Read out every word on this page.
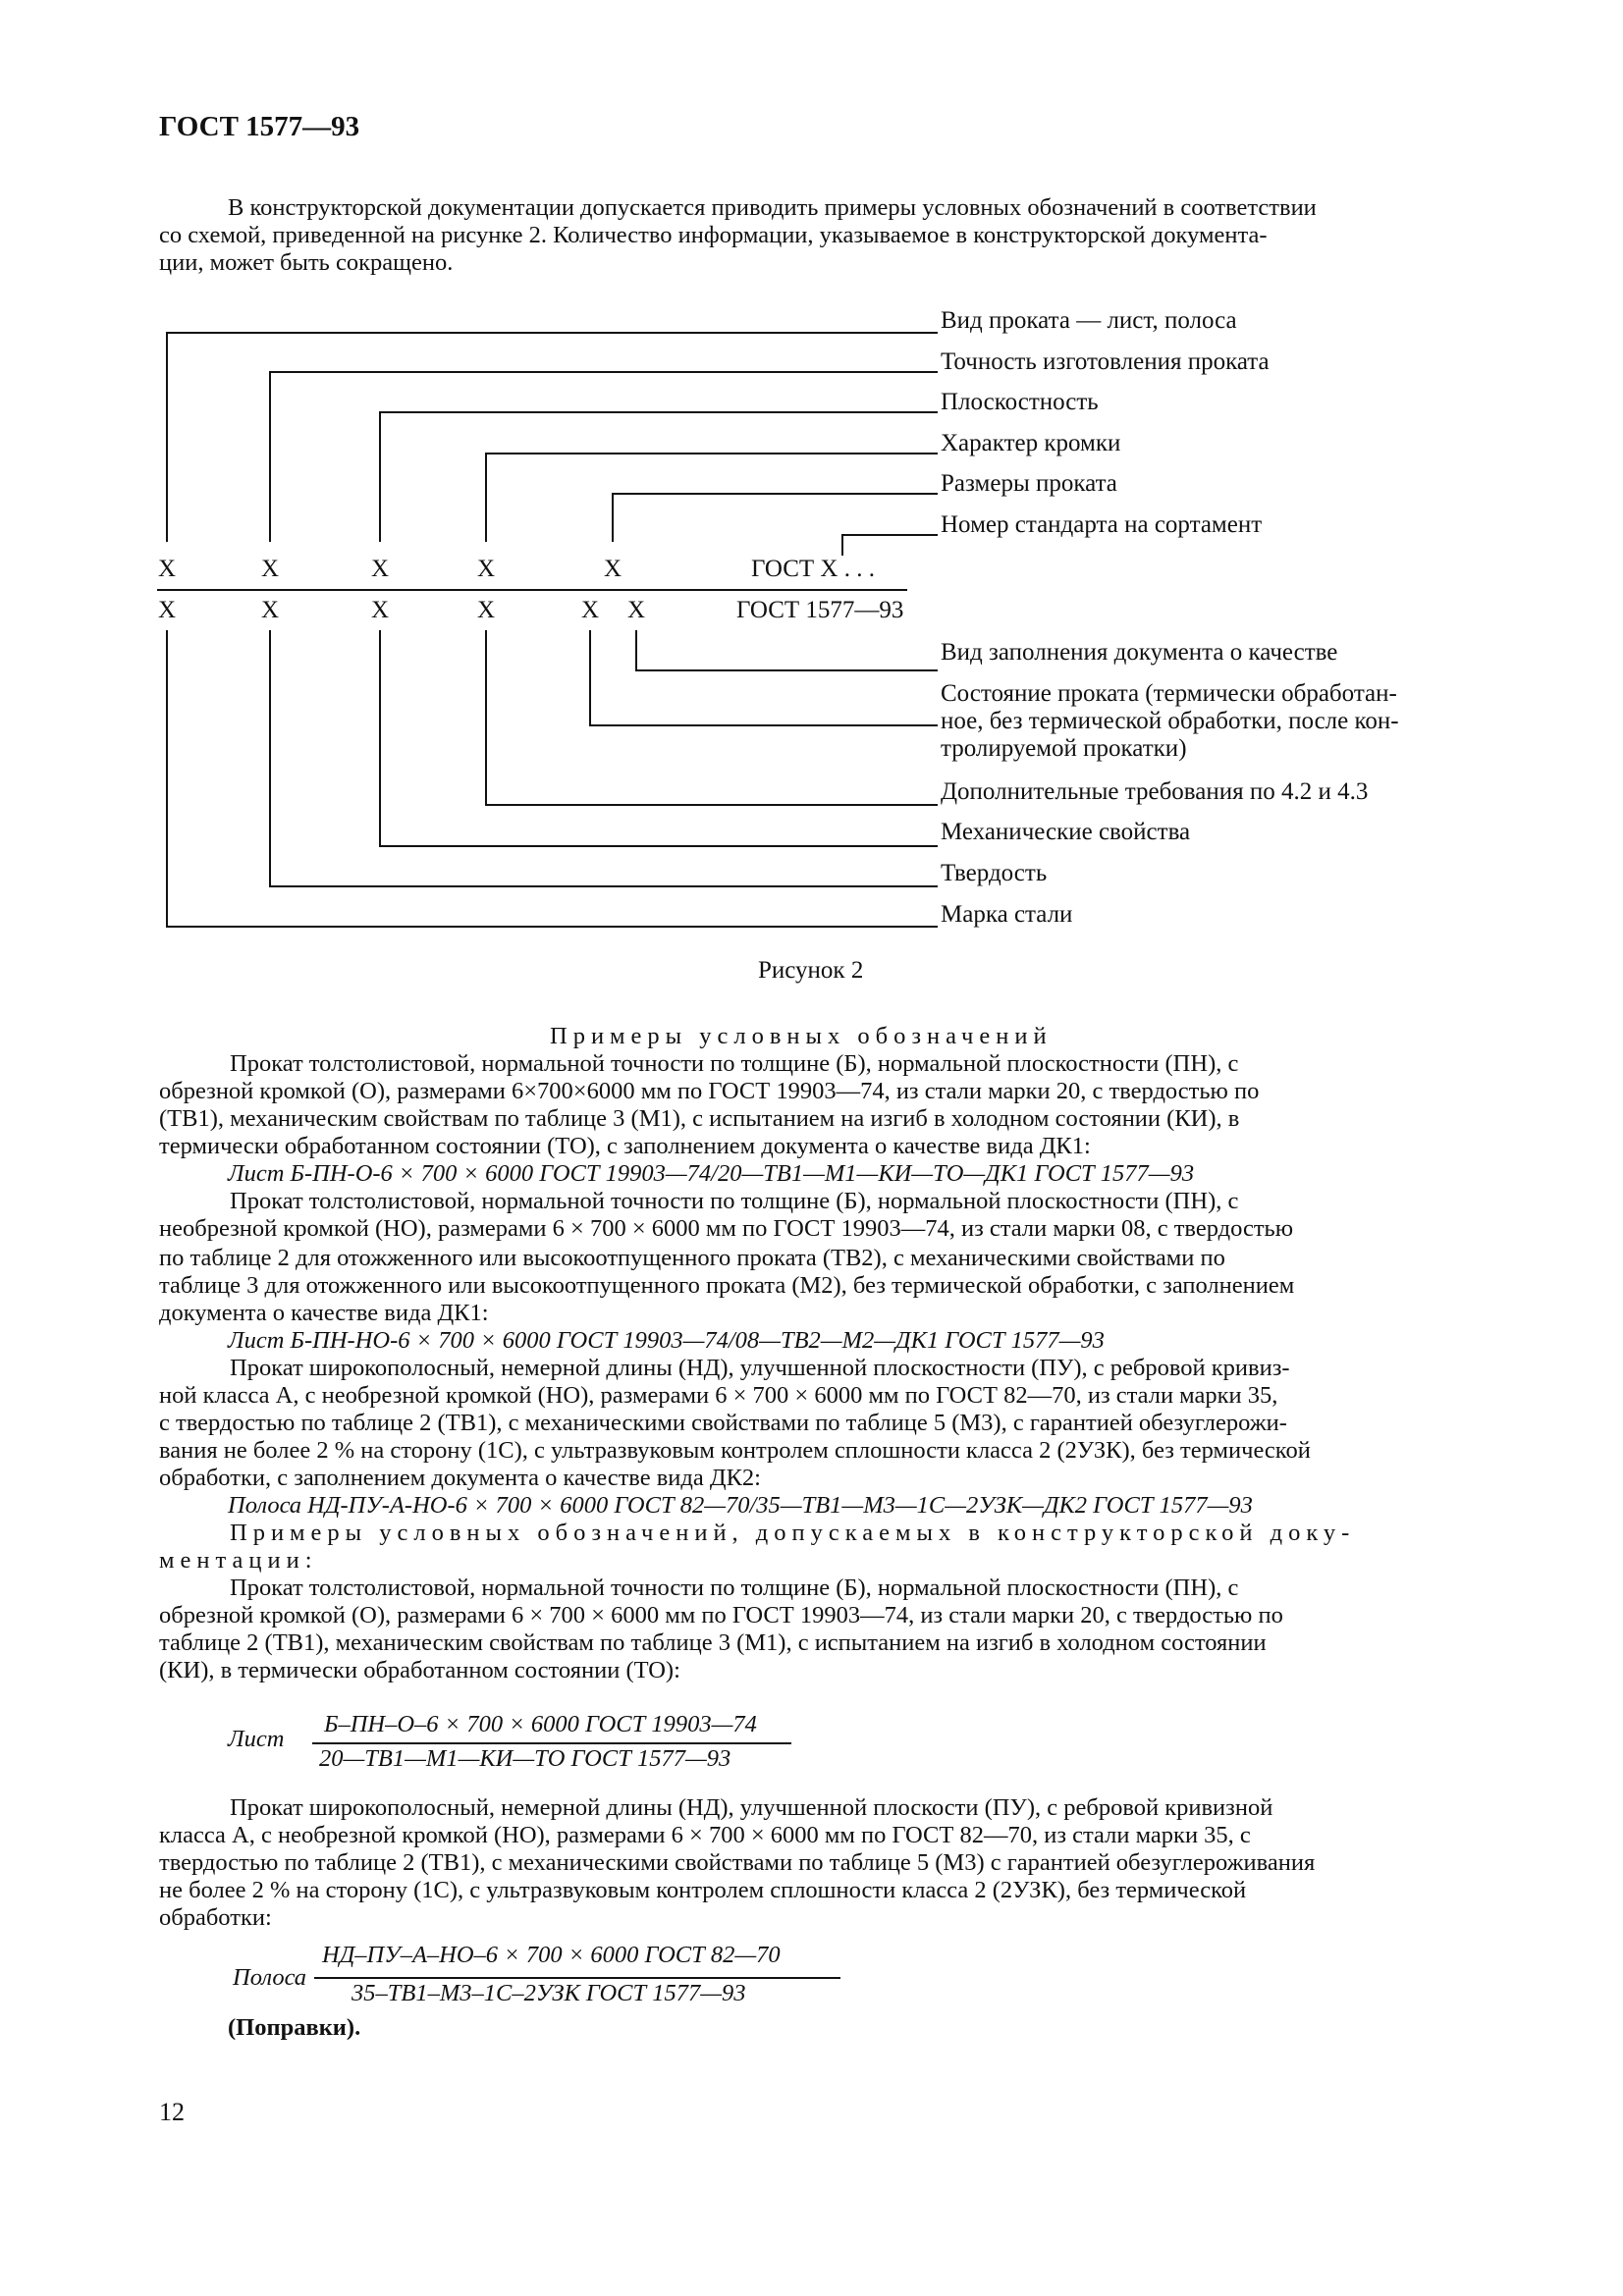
ГОСТ 1577—93
В конструкторской документации допускается приводить примеры условных обозначений в соответствии
со схемой, приведенной на рисунке 2. Количество информации, указываемое в конструкторской документа-
ции, может быть сокращено.
Вид проката — лист, полоса
Точность изготовления проката
Плоскостность
Характер кромки
Размеры проката
Номер стандарта на сортамент
X	X	X	X	X	ГОСТ X . . .
X	X	X	X	X X	ГОСТ 1577—93
Вид заполнения документа о качестве
Состояние проката (термически обработан-
ное, без термической обработки, после кон-
тролируемой прокатки)
Дополнительные требования по 4.2 и 4.3
Механические свойства
Твердость
Марка стали
Рисунок 2
Примеры условных обозначений
Прокат толстолистовой, нормальной точности по толщине (Б), нормальной плоскостности (ПН), с
обрезной кромкой (О), размерами 6×700×6000 мм по ГОСТ 19903—74, из стали марки 20, с твердостью по
(ТВ1), механическим свойствам по таблице 3 (М1), с испытанием на изгиб в холодном состоянии (КИ), в
термически обработанном состоянии (ТО), с заполнением документа о качестве вида ДК1:
Лист Б-ПН-О-6 × 700 × 6000 ГОСТ 19903—74/20—ТВ1—М1—КИ—ТО—ДК1 ГОСТ 1577—93
Прокат толстолистовой, нормальной точности по толщине (Б), нормальной плоскостности (ПН), с
необрезной кромкой (НО), размерами 6 × 700 × 6000 мм по ГОСТ 19903—74, из стали марки 08, с твердостью
по таблице 2 для отожженного или высокоотпущенного проката (ТВ2), с механическими свойствами по
таблице 3 для отожженного или высокоотпущенного проката (М2), без термической обработки, с заполнением
документа о качестве вида ДК1:
Лист Б-ПН-НО-6 × 700 × 6000 ГОСТ 19903—74/08—ТВ2—М2—ДК1 ГОСТ 1577—93
Прокат широкополосный, немерной длины (НД), улучшенной плоскостности (ПУ), с ребровой кривиз-
ной класса А, с необрезной кромкой (НО), размерами 6 × 700 × 6000 мм по ГОСТ 82—70, из стали марки 35,
с твердостью по таблице 2 (ТВ1), с механическими свойствами по таблице 5 (М3), с гарантией обезуглерожи-
вания не более 2 % на сторону (1С), с ультразвуковым контролем сплошности класса 2 (2УЗК), без термической
обработки, с заполнением документа о качестве вида ДК2:
Полоса НД-ПУ-А-НО-6 × 700 × 6000 ГОСТ 82—70/35—ТВ1—М3—1С—2УЗК—ДК2 ГОСТ 1577—93
Примеры условных обозначений, допускаемых в конструкторской доку-
ментации:
Прокат толстолистовой, нормальной точности по толщине (Б), нормальной плоскостности (ПН), с
обрезной кромкой (О), размерами 6 × 700 × 6000 мм по ГОСТ 19903—74, из стали марки 20, с твердостью по
таблице 2 (ТВ1), механическим свойствам по таблице 3 (М1), с испытанием на изгиб в холодном состоянии
(КИ), в термически обработанном состоянии (ТО):
Лист
Б–ПН–О–6 × 700 × 6000 ГОСТ 19903—74
20—ТВ1—М1—КИ—ТО ГОСТ 1577—93
Прокат широкополосный, немерной длины (НД), улучшенной плоскости (ПУ), с ребровой кривизной
класса А, с необрезной кромкой (НО), размерами 6 × 700 × 6000 мм по ГОСТ 82—70, из стали марки 35, с
твердостью по таблице 2 (ТВ1), с механическими свойствами по таблице 5 (М3) с гарантией обезуглероживания
не более 2 % на сторону (1С), с ультразвуковым контролем сплошности класса 2 (2УЗК), без термической
обработки:
Полоса
НД–ПУ–А–НО–6 × 700 × 6000 ГОСТ 82—70
35–ТВ1–М3–1С–2УЗК ГОСТ 1577—93
(Поправки).
12
